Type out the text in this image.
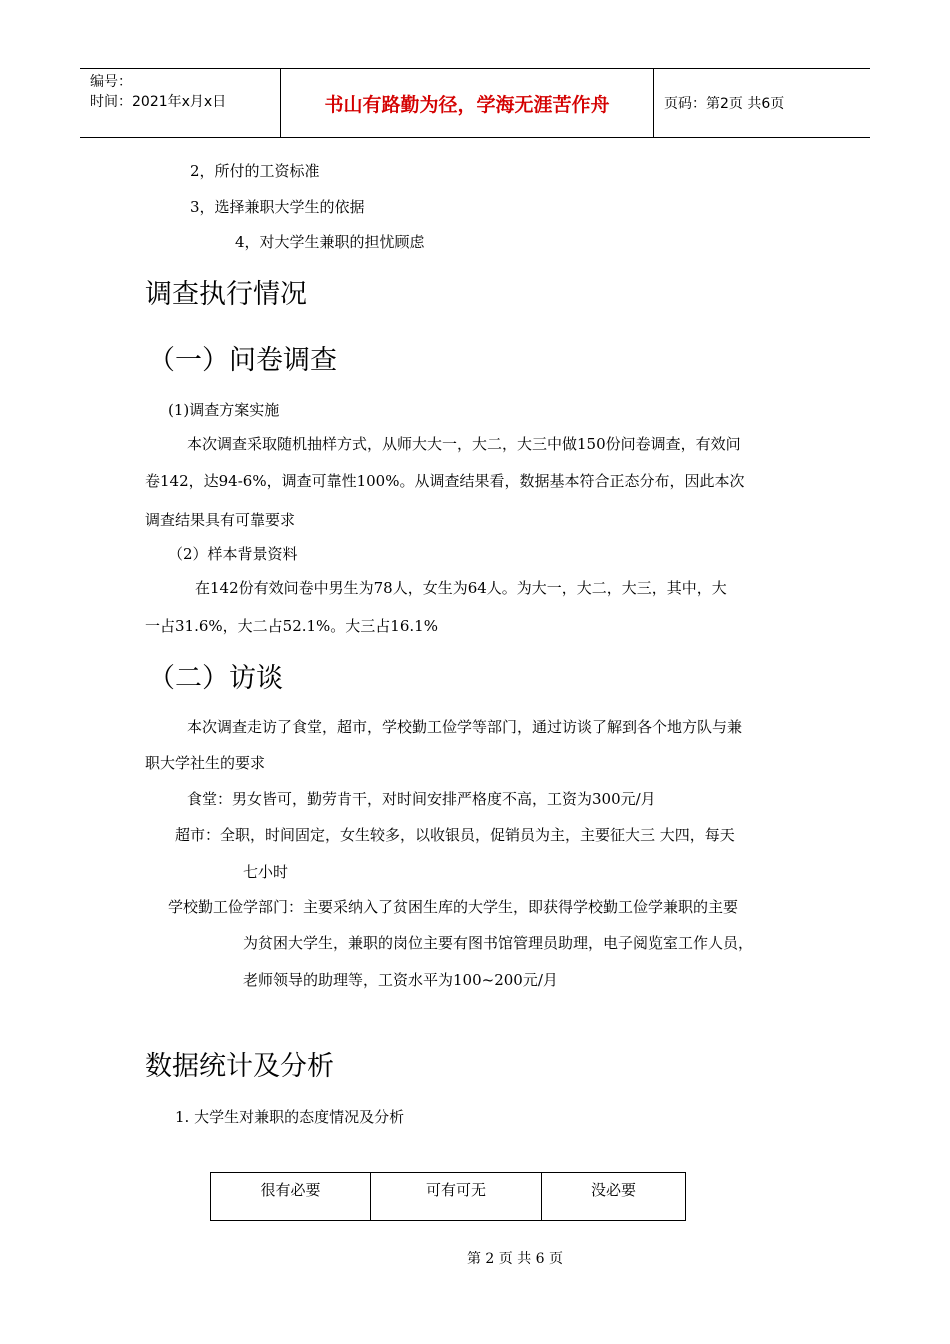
编号：
时间：2021年x月x日	书山有路勤为径，学海无涯苦作舟	页码：第2页 共6页
2，所付的工资标准
3，选择兼职大学生的依据
4，对大学生兼职的担忧顾虑
调查执行情况
（一）问卷调查
(1)调查方案实施
本次调查采取随机抽样方式，从师大大一，大二，大三中做150份问卷调查，有效问
卷142，达94-6%，调查可靠性100%。从调查结果看，数据基本符合正态分布，因此本次
调查结果具有可靠要求
（2）样本背景资料
在142份有效问卷中男生为78人，女生为64人。为大一，大二，大三，其中，大
一占31.6%，大二占52.1%。大三占16.1%
（二）访谈
本次调查走访了食堂，超市，学校勤工俭学等部门，通过访谈了解到各个地方队与兼
职大学社生的要求
食堂：男女皆可，勤劳肯干，对时间安排严格度不高，工资为300元/月
超市：全职，时间固定，女生较多，以收银员，促销员为主，主要征大三 大四，每天
七小时
学校勤工俭学部门：主要采纳入了贫困生库的大学生，即获得学校勤工俭学兼职的主要
为贫困大学生，兼职的岗位主要有图书馆管理员助理，电子阅览室工作人员，
老师领导的助理等，工资水平为100~200元/月
数据统计及分析
1. 大学生对兼职的态度情况及分析
很有必要	可有可无	没必要
第 2 页 共 6 页
